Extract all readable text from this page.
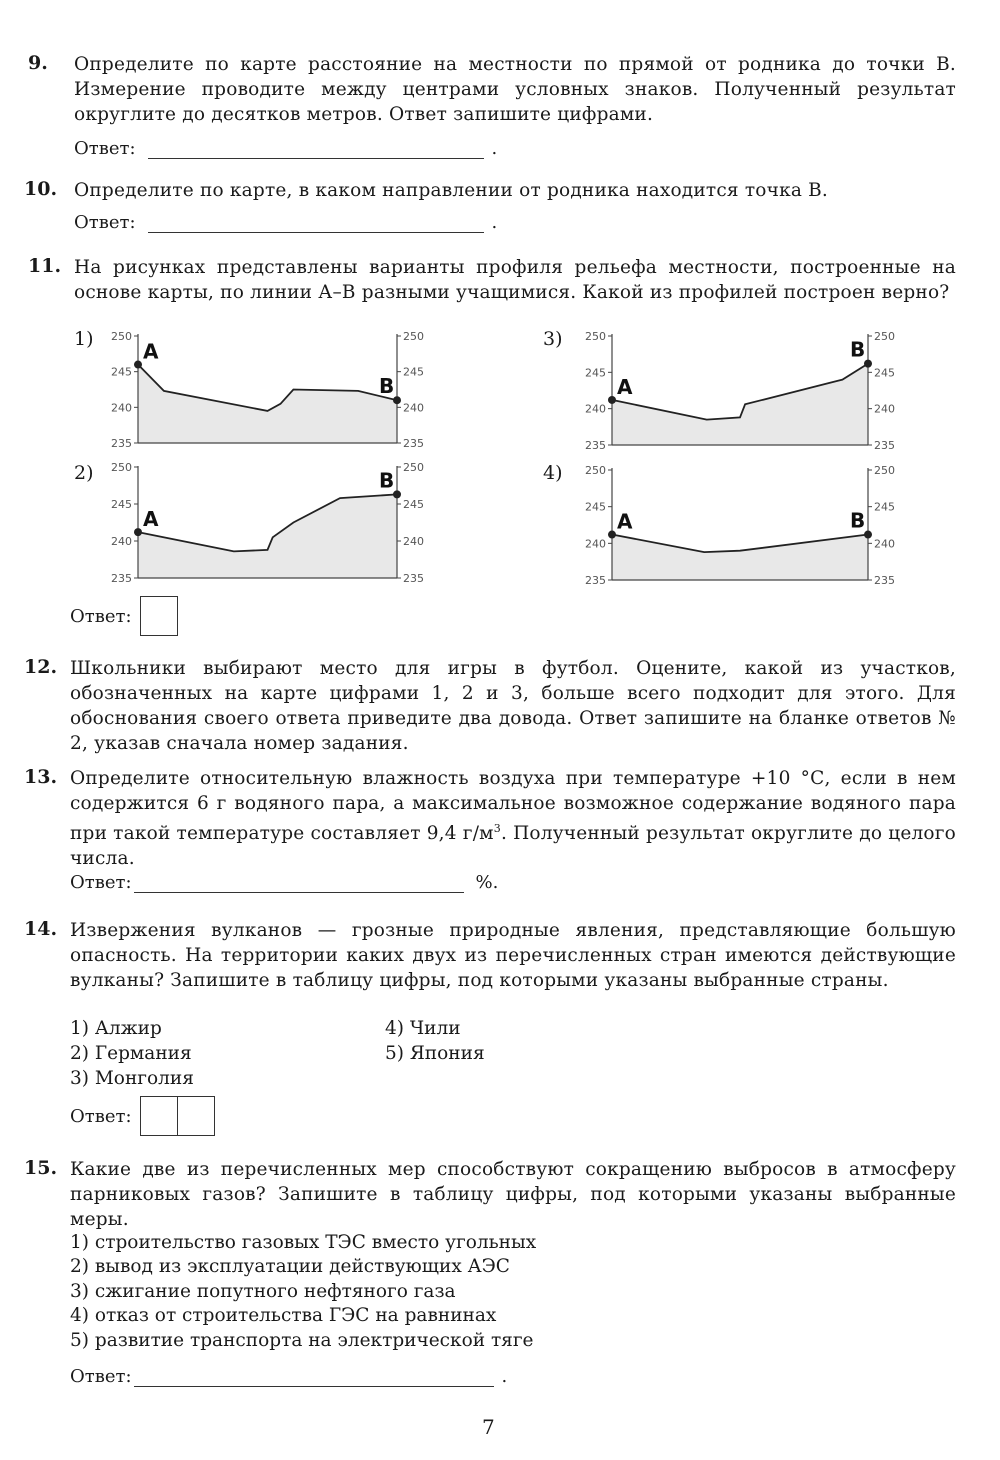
9. Определите по карте расстояние на местности по прямой от родника до точки В. Измерение проводите между центрами условных знаков. Полученный результат округлите до десятков метров. Ответ запишите цифрами.
Ответ:	.
10. Определите по карте, в каком направлении от родника находится точка В.
Ответ:	.
11. На рисунках представлены варианты профиля рельефа местности, построенные на основе карты, по линии А–В разными учащимися. Какой из профилей построен верно?
1)
2)
3)
4)
235	235
240	240
245	245
250	250
A
B
235	235
240	240
245	245
250	250
A
B
235	235
240	240
245	245
250	250
A
B
235	235
240	240
245	245
250	250
A	B
Ответ:
12. Школьники выбирают место для игры в футбол. Оцените, какой из участков, обозначенных на карте цифрами 1, 2 и 3, больше всего подходит для этого. Для обоснования своего ответа приведите два довода. Ответ запишите на бланке ответов № 2, указав сначала номер задания.
13. Определите относительную влажность воздуха при температуре +10 °С, если в нем содержится 6 г водяного пара, а максимальное возможное содержание водяного пара при такой температуре составляет 9,4 $г/м^3$. Полученный результат округлите до целого числа.
Ответ:	%.
14. Извержения вулканов — грозные природные явления, представляющие большую опасность. На территории каких двух из перечисленных стран имеются действующие вулканы? Запишите в таблицу цифры, под которыми указаны выбранные страны.
1) Алжир
2) Германия
3) Монголия
4) Чили
5) Япония
Ответ:
15. Какие две из перечисленных мер способствуют сокращению выбросов в атмосферу парниковых газов? Запишите в таблицу цифры, под которыми указаны выбранные меры.
1) строительство газовых ТЭС вместо угольных
2) вывод из эксплуатации действующих АЭС
3) сжигание попутного нефтяного газа
4) отказ от строительства ГЭС на равнинах
5) развитие транспорта на электрической тяге
Ответ:	.
7
